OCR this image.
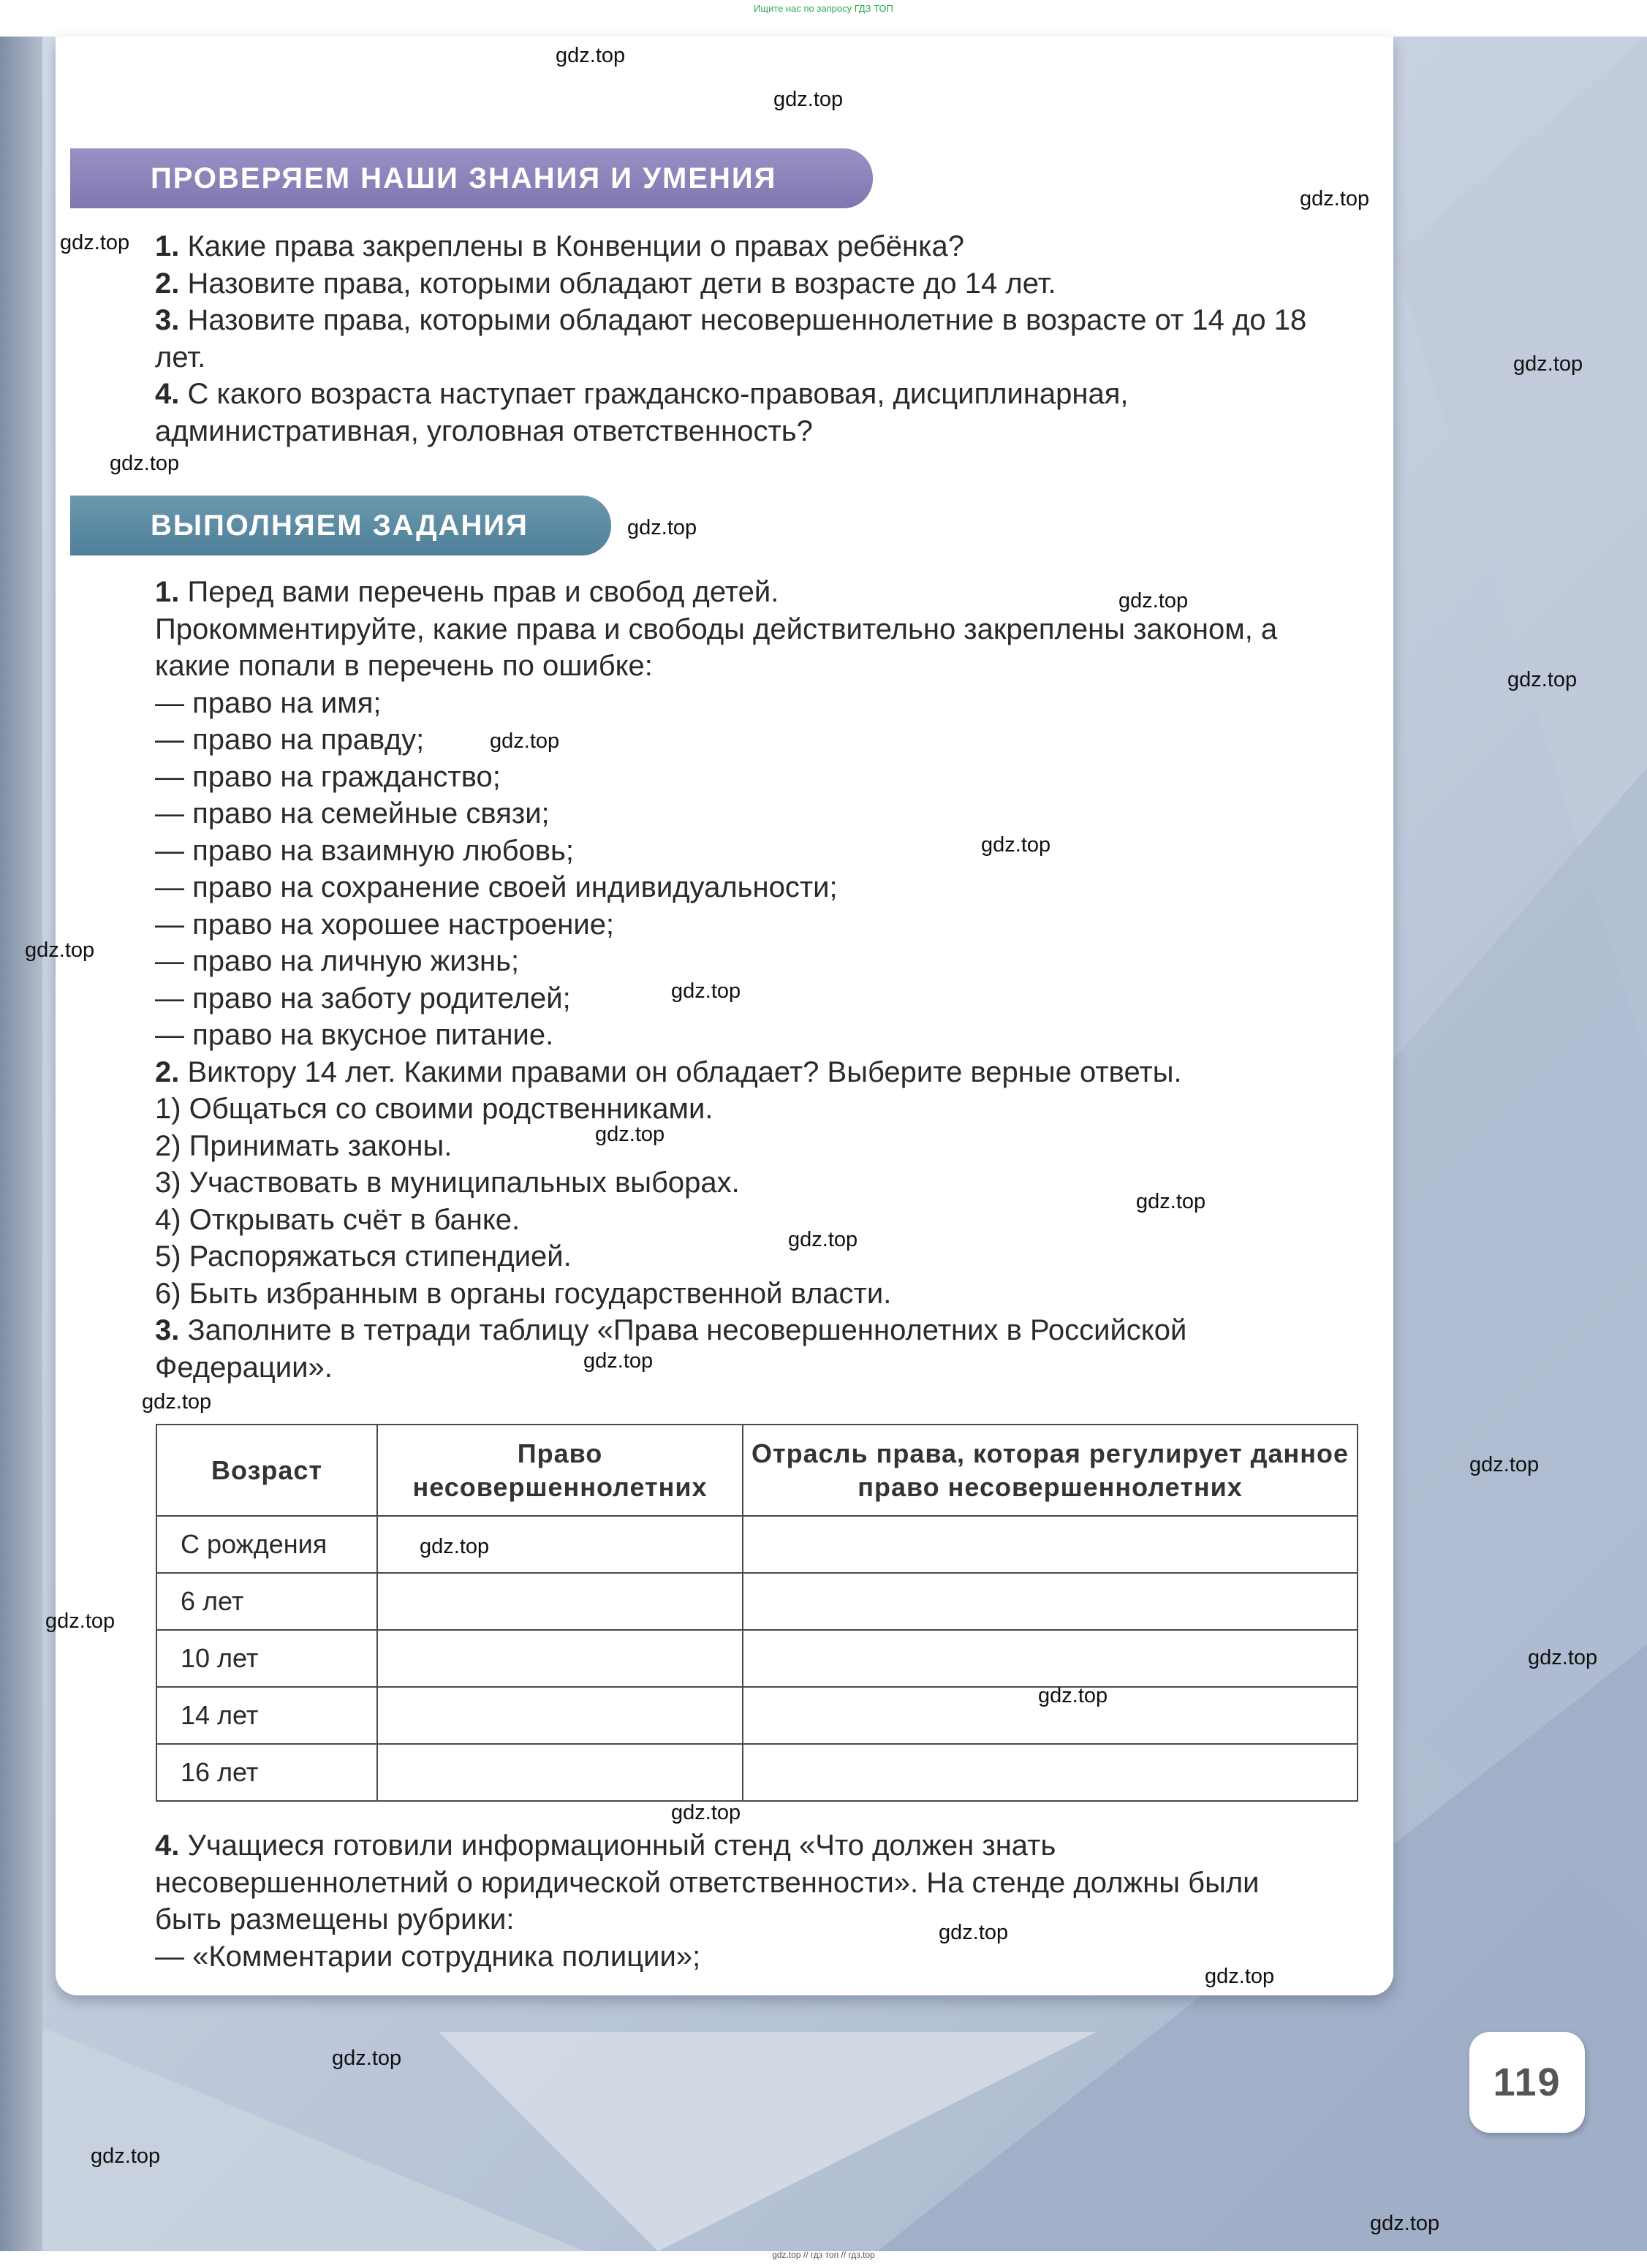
Ищите нас по запросу ГДЗ ТОП
ПРОВЕРЯЕМ НАШИ ЗНАНИЯ И УМЕНИЯ

1. Какие права закреплены в Конвенции о правах ребёнка?

2. Назовите права, которыми обладают дети в возрасте до 14 лет.

3. Назовите права, которыми обладают несовершеннолетние в возрасте от 14 до 18 лет.

4. С какого возраста наступает гражданско-правовая, дисциплинарная, административная, уголовная ответственность?

ВЫПОЛНЯЕМ ЗАДАНИЯ

1. Перед вами перечень прав и свобод детей.

Прокомментируйте, какие права и свободы действительно закреплены законом, а какие попали в перечень по ошибке:

— право на имя;

— право на правду;

— право на гражданство;

— право на семейные связи;

— право на взаимную любовь;

— право на сохранение своей индивидуальности;

— право на хорошее настроение;

— право на личную жизнь;

— право на заботу родителей;

— право на вкусное питание.

2. Виктору 14 лет. Какими правами он обладает? Выберите верные ответы.

1) Общаться со своими родственниками.

2) Принимать законы.

3) Участвовать в муниципальных выборах.

4) Открывать счёт в банке.

5) Распоряжаться стипендией.

6) Быть избранным в органы государственной власти.

3. Заполните в тетради таблицу «Права несовершеннолетних в Российской Федерации».

Возраст	Право несовершеннолетних	Отрасль права, которая регулирует данное право несовершеннолетних
С рождения		
6 лет		
10 лет		
14 лет		
16 лет		

4. Учащиеся готовили информационный стенд «Что должен знать несовершеннолетний о юридической ответственности». На стенде должны были быть размещены рубрики:

— «Комментарии сотрудника полиции»;

119
gdz.top
gdz.top
gdz.top
gdz.top
gdz.top
gdz.top
gdz.top
gdz.top
gdz.top
gdz.top
gdz.top
gdz.top
gdz.top
gdz.top
gdz.top
gdz.top
gdz.top
gdz.top
gdz.top
gdz.top
gdz.top
gdz.top
gdz.top
gdz.top
gdz.top
gdz.top
gdz.top
gdz.top
gdz.top
gdz.top // гдз топ // гдз.top
